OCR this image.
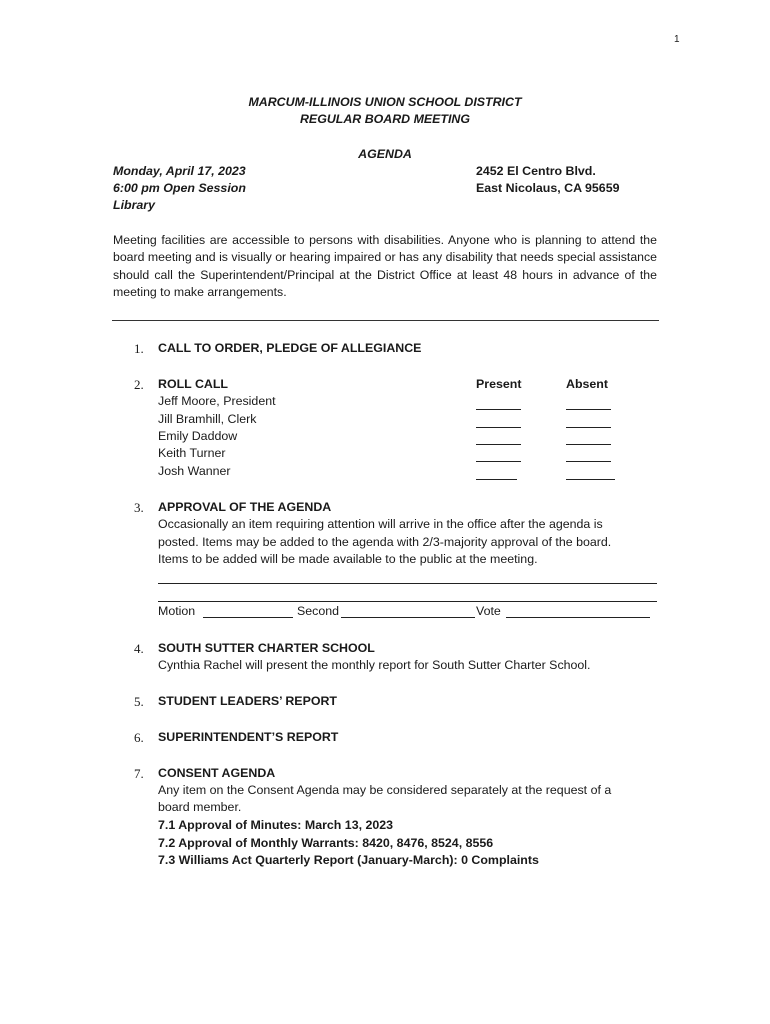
1
MARCUM-ILLINOIS UNION SCHOOL DISTRICT
REGULAR BOARD MEETING
AGENDA
Monday, April 17, 2023
6:00 pm Open Session
Library
2452 El Centro Blvd.
East Nicolaus, CA 95659
Meeting facilities are accessible to persons with disabilities. Anyone who is planning to attend the board meeting and is visually or hearing impaired or has any disability that needs special assistance should call the Superintendent/Principal at the District Office at least 48 hours in advance of the meeting to make arrangements.
1. CALL TO ORDER, PLEDGE OF ALLEGIANCE
2. ROLL CALL	Present	Absent
Jeff Moore, President
Jill Bramhill, Clerk
Emily Daddow
Keith Turner
Josh Wanner
3. APPROVAL OF THE AGENDA
Occasionally an item requiring attention will arrive in the office after the agenda is
posted. Items may be added to the agenda with 2/3-majority approval of the board.
Items to be added will be made available to the public at the meeting.
Motion	Second	Vote
4. SOUTH SUTTER CHARTER SCHOOL
Cynthia Rachel will present the monthly report for South Sutter Charter School.
5. STUDENT LEADERS’ REPORT
6. SUPERINTENDENT’S REPORT
7. CONSENT AGENDA
Any item on the Consent Agenda may be considered separately at the request of a
board member.
7.1 Approval of Minutes: March 13, 2023
7.2 Approval of Monthly Warrants: 8420, 8476, 8524, 8556
7.3 Williams Act Quarterly Report (January-March): 0 Complaints
